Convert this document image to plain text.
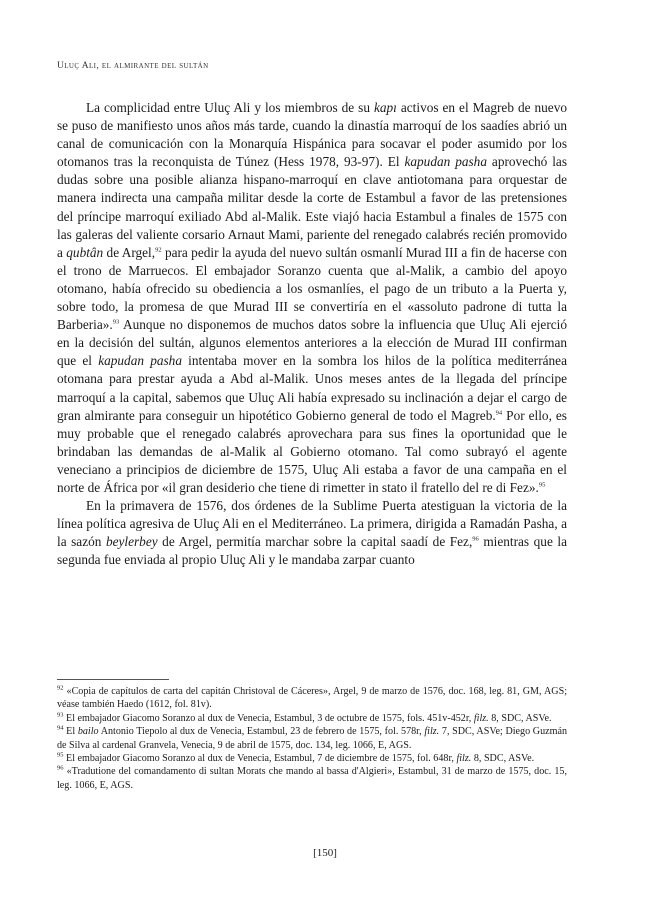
Uluç Ali, el almirante del sultán

La complicidad entre Uluç Ali y los miembros de su kapı activos en el Magreb de nuevo se puso de manifiesto unos años más tarde, cuando la dinastía marroquí de los saadíes abrió un canal de comunicación con la Monarquía Hispánica para socavar el poder asumido por los otomanos tras la reconquista de Túnez (Hess 1978, 93-97). El kapudan pasha aprovechó las dudas sobre una posible alianza hispano-marroquí en clave antiotomana para orquestar de manera indirecta una campaña militar desde la corte de Estambul a favor de las pretensiones del príncipe marroquí exiliado Abd al-Malik. Este viajó hacia Estambul a finales de 1575 con las galeras del valiente corsario Arnaut Mami, pariente del renegado calabrés recién promovido a qubtân de Argel,$^{92}$ para pedir la ayuda del nuevo sultán osmanlí Murad III a fin de hacerse con el trono de Marruecos. El embajador Soranzo cuenta que al-Malik, a cambio del apoyo otomano, había ofrecido su obediencia a los osmanlíes, el pago de un tributo a la Puerta y, sobre todo, la promesa de que Murad III se convertiría en el «assoluto padrone di tutta la Barberia».$^{93}$ Aunque no disponemos de muchos datos sobre la influencia que Uluç Ali ejerció en la decisión del sultán, algunos elementos anteriores a la elección de Murad III confirman que el kapudan pasha intentaba mover en la sombra los hilos de la política mediterránea otomana para prestar ayuda a Abd al-Malik. Unos meses antes de la llegada del príncipe marroquí a la capital, sabemos que Uluç Ali había expresado su inclinación a dejar el cargo de gran almirante para conseguir un hipotético Gobierno general de todo el Magreb.$^{94}$ Por ello, es muy probable que el renegado calabrés aprovechara para sus fines la oportunidad que le brindaban las demandas de al-Malik al Gobierno otomano. Tal como subrayó el agente veneciano a principios de diciembre de 1575, Uluç Ali estaba a favor de una campaña en el norte de África por «il gran desiderio che tiene di rimetter in stato il fratello del re di Fez».$^{95}$

En la primavera de 1576, dos órdenes de la Sublime Puerta atestiguan la victoria de la línea política agresiva de Uluç Ali en el Mediterráneo. La primera, dirigida a Ramadán Pasha, a la sazón beylerbey de Argel, permitía marchar sobre la capital saadí de Fez,$^{96}$ mientras que la segunda fue enviada al propio Uluç Ali y le mandaba zarpar cuanto

$^{92}$ «Copia de capítulos de carta del capitán Christoval de Cáceres», Argel, 9 de marzo de 1576, doc. 168, leg. 81, GM, AGS; véase también Haedo (1612, fol. 81v).

$^{93}$ El embajador Giacomo Soranzo al dux de Venecia, Estambul, 3 de octubre de 1575, fols. 451v-452r, filz. 8, SDC, ASVe.

$^{94}$ El bailo Antonio Tiepolo al dux de Venecia, Estambul, 23 de febrero de 1575, fol. 578r, filz. 7, SDC, ASVe; Diego Guzmán de Silva al cardenal Granvela, Venecia, 9 de abril de 1575, doc. 134, leg. 1066, E, AGS.

$^{95}$ El embajador Giacomo Soranzo al dux de Venecia, Estambul, 7 de diciembre de 1575, fol. 648r, filz. 8, SDC, ASVe.

$^{96}$ «Tradutione del comandamento di sultan Morats che mando al bassa d'Algieri», Estambul, 31 de marzo de 1575, doc. 15, leg. 1066, E, AGS.

[150]
